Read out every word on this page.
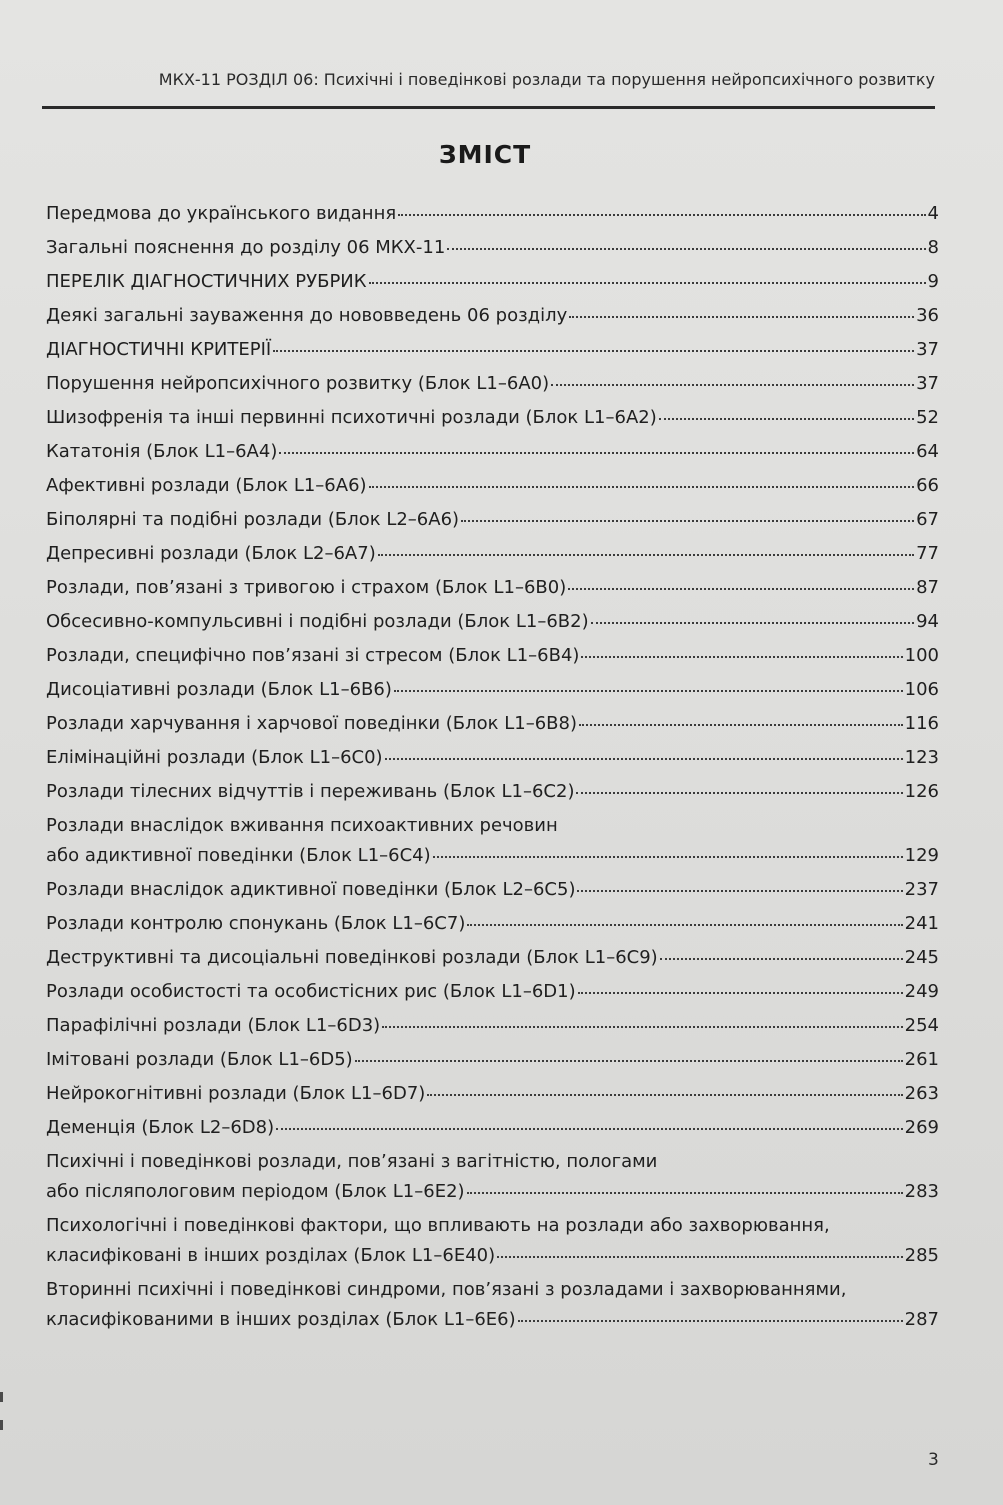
МКХ-11 РОЗДІЛ 06: Психічні і поведінкові розлади та порушення нейропсихічного розвитку
ЗМІСТ
Передмова до українського видання	4
Загальні пояснення до розділу 06 МКХ-11	8
ПЕРЕЛІК ДІАГНОСТИЧНИХ РУБРИК	9
Деякі загальні зауваження до нововведень 06 розділу	36
ДІАГНОСТИЧНІ КРИТЕРІЇ	37
Порушення нейропсихічного розвитку (Блок L1–6A0)	37
Шизофренія та інші первинні психотичні розлади (Блок L1–6A2)	52
Кататонія (Блок L1–6A4)	64
Афективні розлади (Блок L1–6A6)	66
Біполярні та подібні розлади (Блок L2–6A6)	67
Депресивні розлади (Блок L2–6A7)	77
Розлади, пов’язані з тривогою і страхом (Блок L1–6B0)	87
Обсесивно-компульсивні і подібні розлади (Блок L1–6B2)	94
Розлади, специфічно пов’язані зі стресом (Блок L1–6B4)	100
Дисоціативні розлади (Блок L1–6B6)	106
Розлади харчування і харчової поведінки (Блок L1–6B8)	116
Елімінаційні розлади (Блок L1–6C0)	123
Розлади тілесних відчуттів і переживань (Блок L1–6C2)	126
Розлади внаслідок вживання психоактивних речовин
або адиктивної поведінки (Блок L1–6C4)	129
Розлади внаслідок адиктивної поведінки (Блок L2–6C5)	237
Розлади контролю спонукань (Блок L1–6C7)	241
Деструктивні та дисоціальні поведінкові розлади (Блок L1–6C9)	245
Розлади особистості та особистісних рис (Блок L1–6D1)	249
Парафілічні розлади (Блок L1–6D3)	254
Імітовані розлади (Блок L1–6D5)	261
Нейрокогнітивні розлади (Блок L1–6D7)	263
Деменція (Блок L2–6D8)	269
Психічні і поведінкові розлади, пов’язані з вагітністю, пологами
або післяпологовим періодом (Блок L1–6E2)	283
Психологічні і поведінкові фактори, що впливають на розлади або захворювання,
класифіковані в інших розділах (Блок L1–6E40)	285
Вторинні психічні і поведінкові синдроми, пов’язані з розладами і захворюваннями,
класифікованими в інших розділах (Блок L1–6E6)	287
3
